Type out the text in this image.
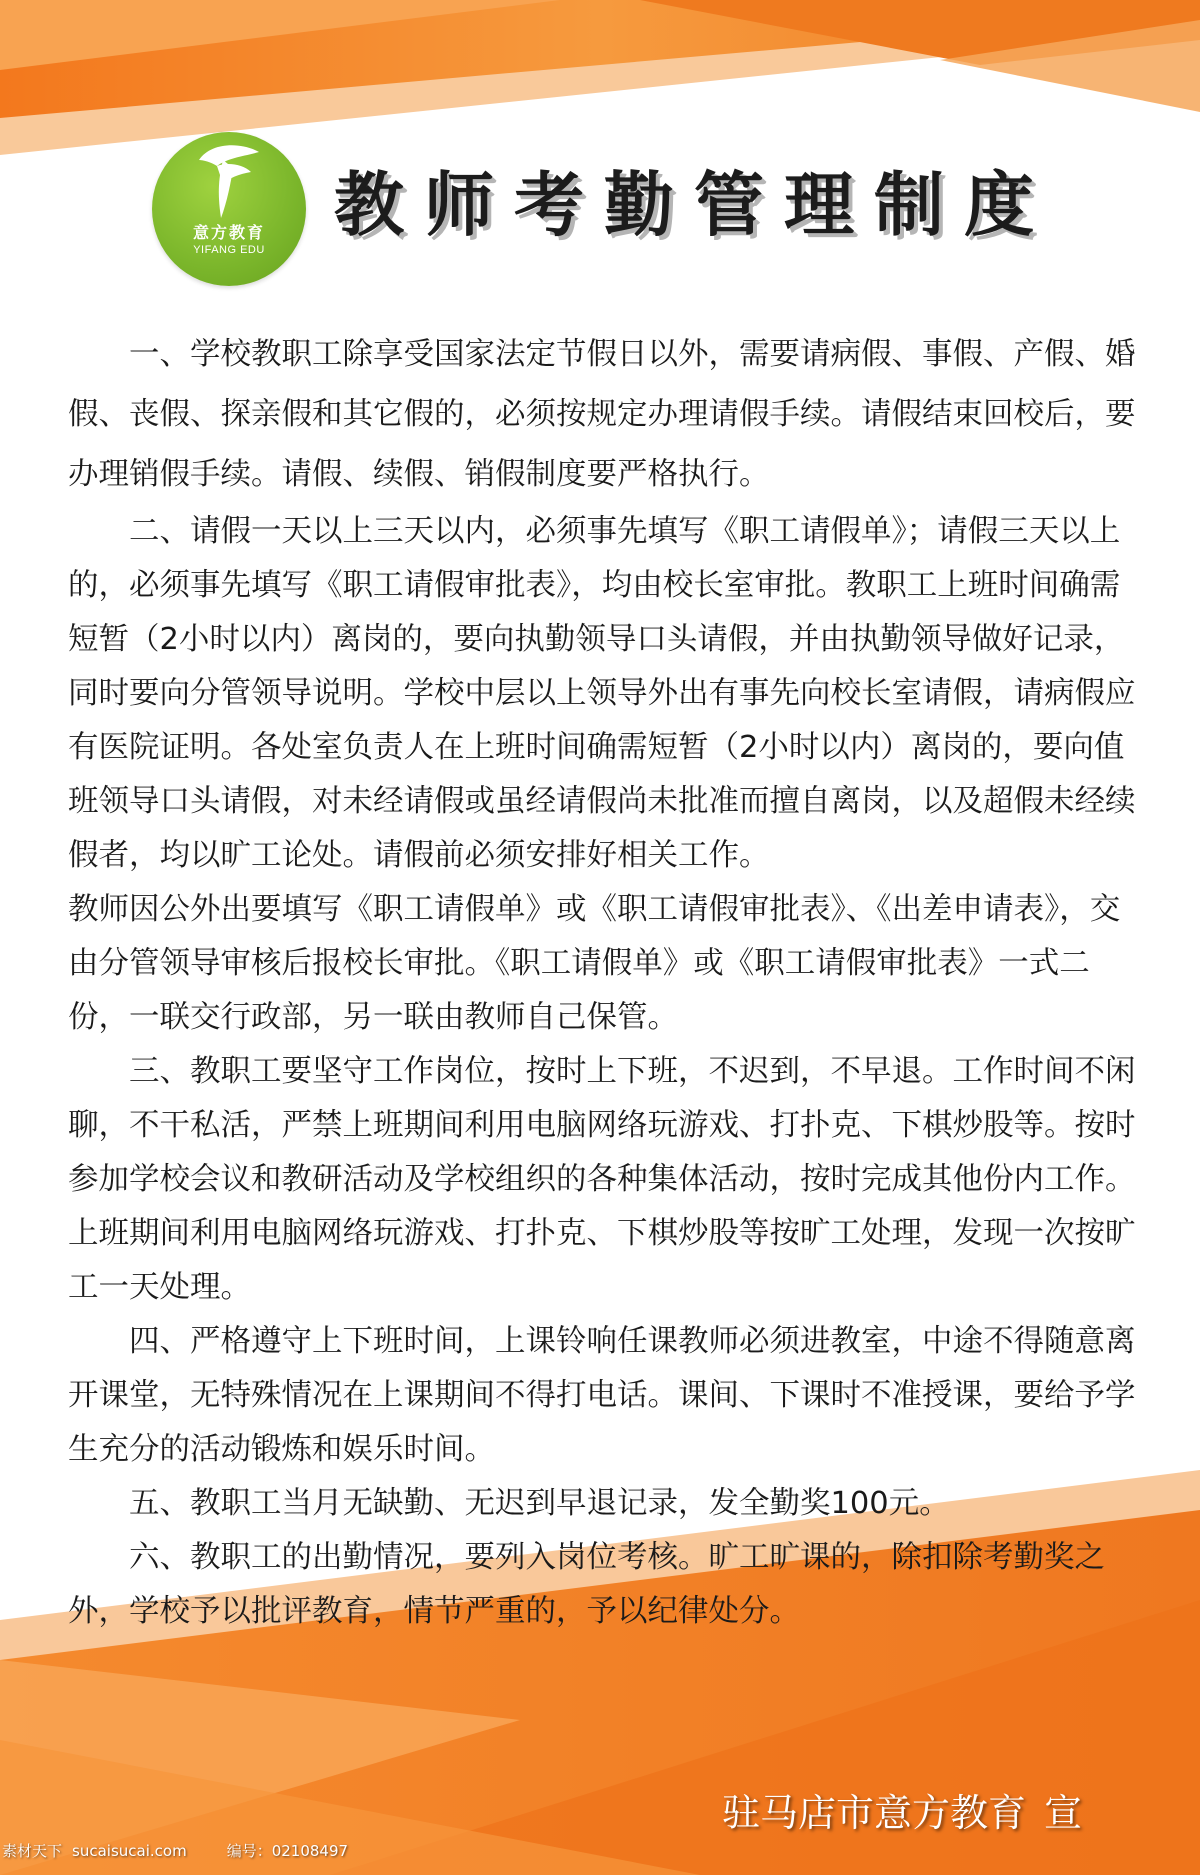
意方教育
YIFANG EDU
教师考勤管理制度

一、学校教职工除享受国家法定节假日以外，需要请病假、事假、产假、婚假、丧假、探亲假和其它假的，必须按规定办理请假手续。请假结束回校后，要办理销假手续。请假、续假、销假制度要严格执行。

二、请假一天以上三天以内，必须事先填写《职工请假单》；请假三天以上的，必须事先填写《职工请假审批表》，均由校长室审批。教职工上班时间确需短暂（2小时以内）离岗的，要向执勤领导口头请假，并由执勤领导做好记录，同时要向分管领导说明。学校中层以上领导外出有事先向校长室请假，请病假应有医院证明。各处室负责人在上班时间确需短暂（2小时以内）离岗的，要向值班领导口头请假，对未经请假或虽经请假尚未批准而擅自离岗，以及超假未经续假者，均以旷工论处。请假前必须安排好相关工作。

教师因公外出要填写《职工请假单》或《职工请假审批表》、《出差申请表》，交由分管领导审核后报校长审批。《职工请假单》或《职工请假审批表》一式二份，一联交行政部，另一联由教师自己保管。

三、教职工要坚守工作岗位，按时上下班，不迟到，不早退。工作时间不闲聊，不干私活，严禁上班期间利用电脑网络玩游戏、打扑克、下棋炒股等。按时参加学校会议和教研活动及学校组织的各种集体活动，按时完成其他份内工作。上班期间利用电脑网络玩游戏、打扑克、下棋炒股等按旷工处理，发现一次按旷工一天处理。

四、严格遵守上下班时间，上课铃响任课教师必须进教室，中途不得随意离开课堂，无特殊情况在上课期间不得打电话。课间、下课时不准授课，要给予学生充分的活动锻炼和娱乐时间。

五、教职工当月无缺勤、无迟到早退记录，发全勤奖100元。

六、教职工的出勤情况，要列入岗位考核。旷工旷课的，除扣除考勤奖之外，学校予以批评教育，情节严重的，予以纪律处分。

驻马店市意方教育 宣
素材天下 sucaisucai.com	编号：02108497
